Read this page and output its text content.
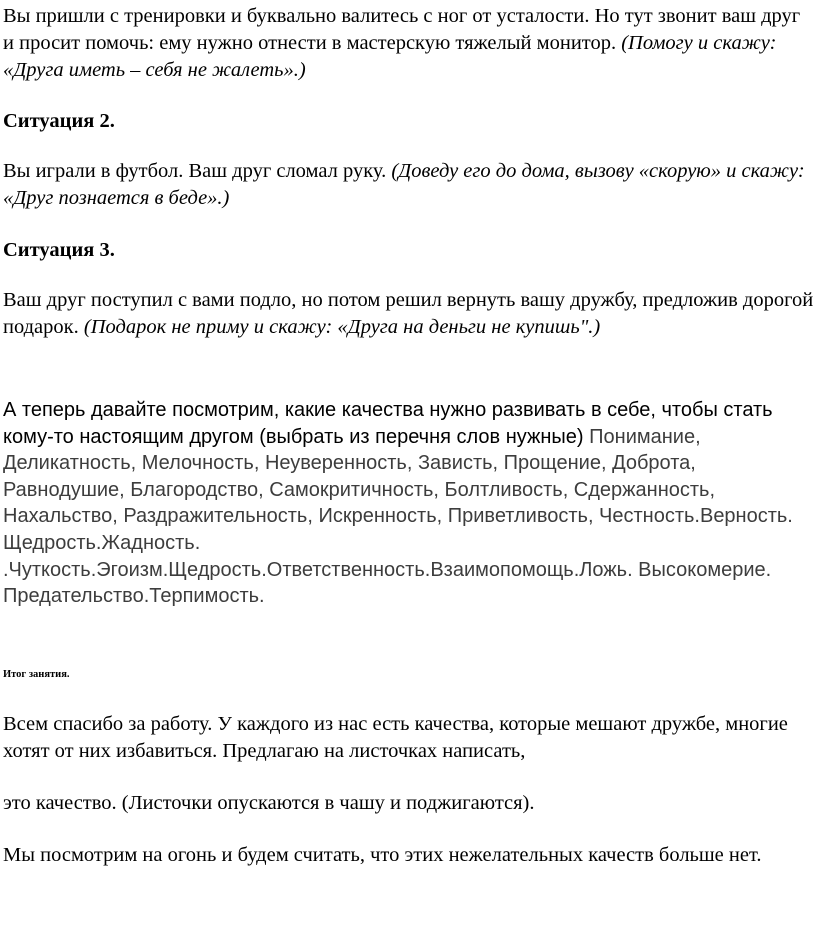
Вы пришли с тренировки и буквально валитесь с ног от усталости. Но тут звонит ваш друг и просит помочь: ему нужно отнести в мастерскую тяжелый монитор. (Помогу и скажу: «Друга иметь – себя не жалеть».)

Ситуация 2.

Вы играли в футбол. Ваш друг сломал руку. (Доведу его до дома, вызову «скорую» и скажу: «Друг познается в беде».)

Ситуация 3.

Ваш друг поступил с вами подло, но потом решил вернуть вашу дружбу, предложив дорогой подарок. (Подарок не приму и скажу: «Друга на деньги не купишь".)

А теперь давайте посмотрим, какие качества нужно развивать в себе, чтобы стать кому-то настоящим другом (выбрать из перечня слов нужные) Понимание, Деликатность, Мелочность, Неуверенность, Зависть, Прощение, Доброта, Равнодушие, Благородство, Самокритичность, Болтливость, Сдержанность, Нахальство, Раздражительность, Искренность, Приветливость, Честность.Верность. Щедрость.Жадность. .Чуткость.Эгоизм.Щедрость.Ответственность.Взаимопомощь.Ложь. Высокомерие. Предательство.Терпимость.

Итог занятия.

Всем спасибо за работу. У каждого из нас есть качества, которые мешают дружбе, многие хотят от них избавиться. Предлагаю на листочках написать,

это качество. (Листочки опускаются в чашу и поджигаются).

Мы посмотрим на огонь и будем считать, что этих нежелательных качеств больше нет.
